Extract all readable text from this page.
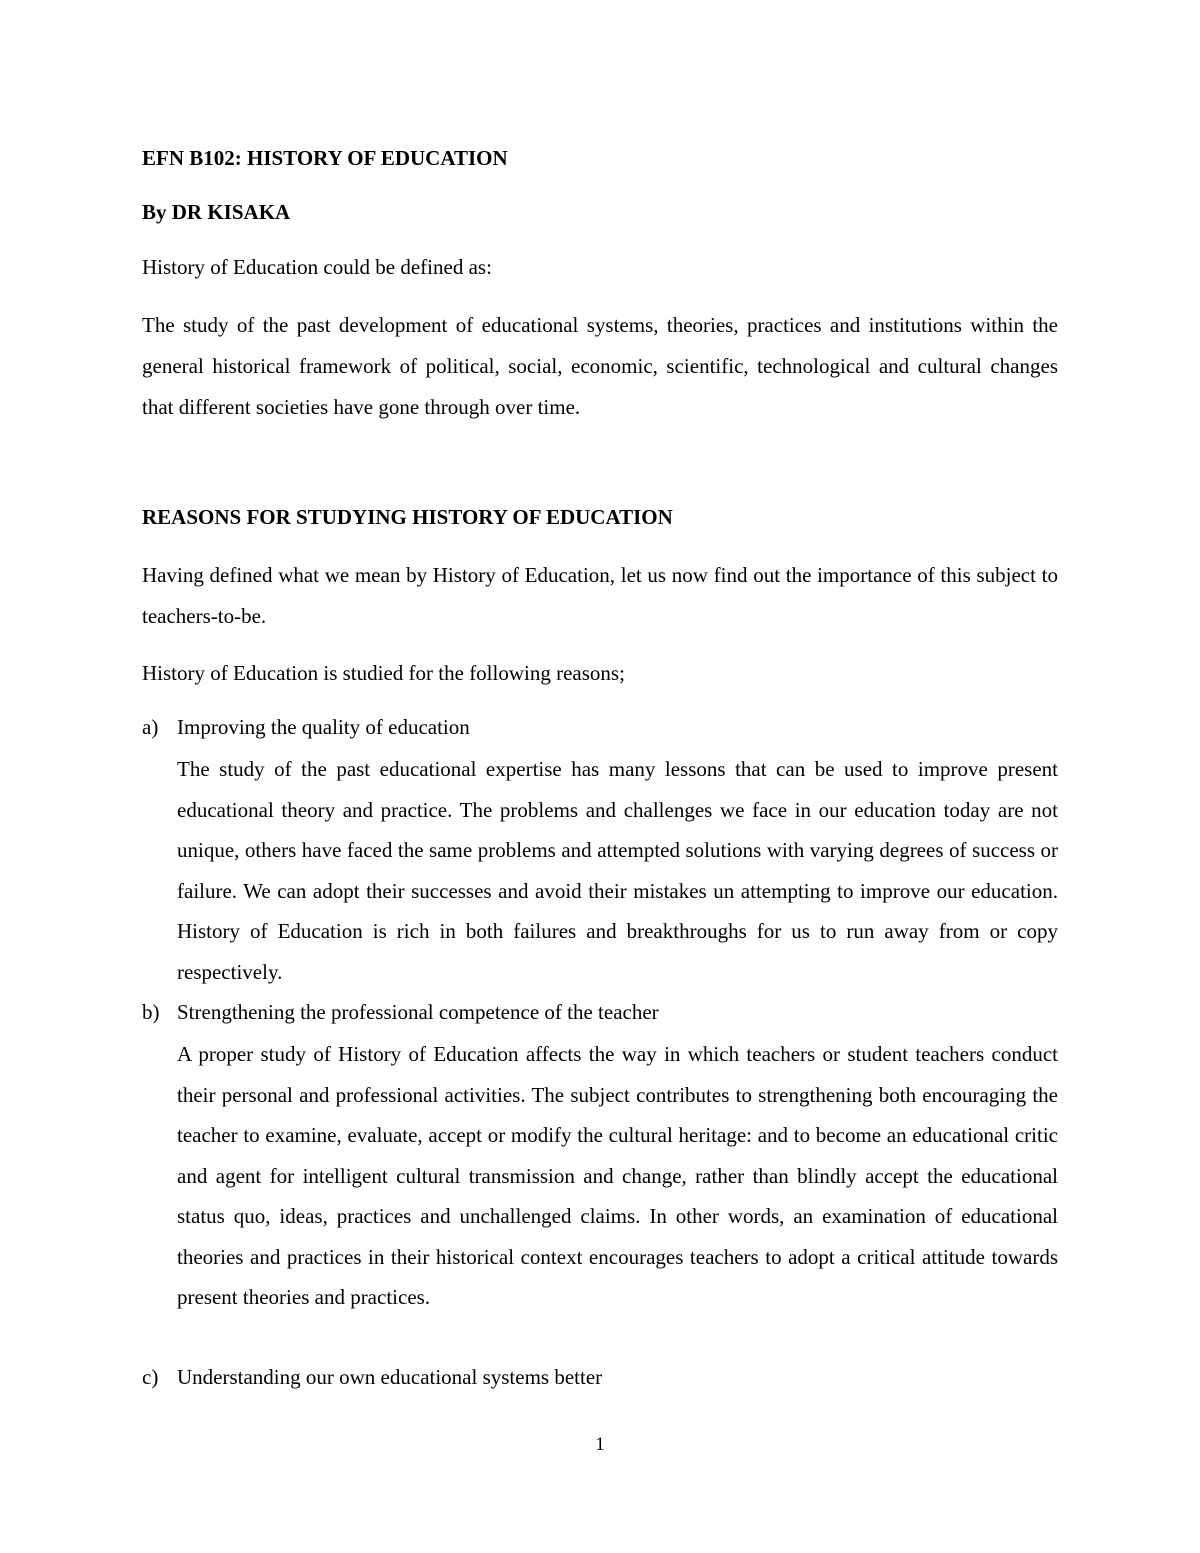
EFN B102: HISTORY OF EDUCATION
By DR KISAKA
History of Education could be defined as:

The study of the past development of educational systems, theories, practices and institutions within the general historical framework of political, social, economic, scientific, technological and cultural changes that different societies have gone through over time.

REASONS FOR STUDYING HISTORY OF EDUCATION

Having defined what we mean by History of Education, let us now find out the importance of this subject to teachers-to-be.

History of Education is studied for the following reasons;
a) Improving the quality of education

The study of the past educational expertise has many lessons that can be used to improve present educational theory and practice. The problems and challenges we face in our education today are not unique, others have faced the same problems and attempted solutions with varying degrees of success or failure. We can adopt their successes and avoid their mistakes un attempting to improve our education. History of Education is rich in both failures and breakthroughs for us to run away from or copy respectively.

b) Strengthening the professional competence of the teacher

A proper study of History of Education affects the way in which teachers or student teachers conduct their personal and professional activities. The subject contributes to strengthening both encouraging the teacher to examine, evaluate, accept or modify the cultural heritage: and to become an educational critic and agent for intelligent cultural transmission and change, rather than blindly accept the educational status quo, ideas, practices and unchallenged claims. In other words, an examination of educational theories and practices in their historical context encourages teachers to adopt a critical attitude towards present theories and practices.

c) Understanding our own educational systems better
1
